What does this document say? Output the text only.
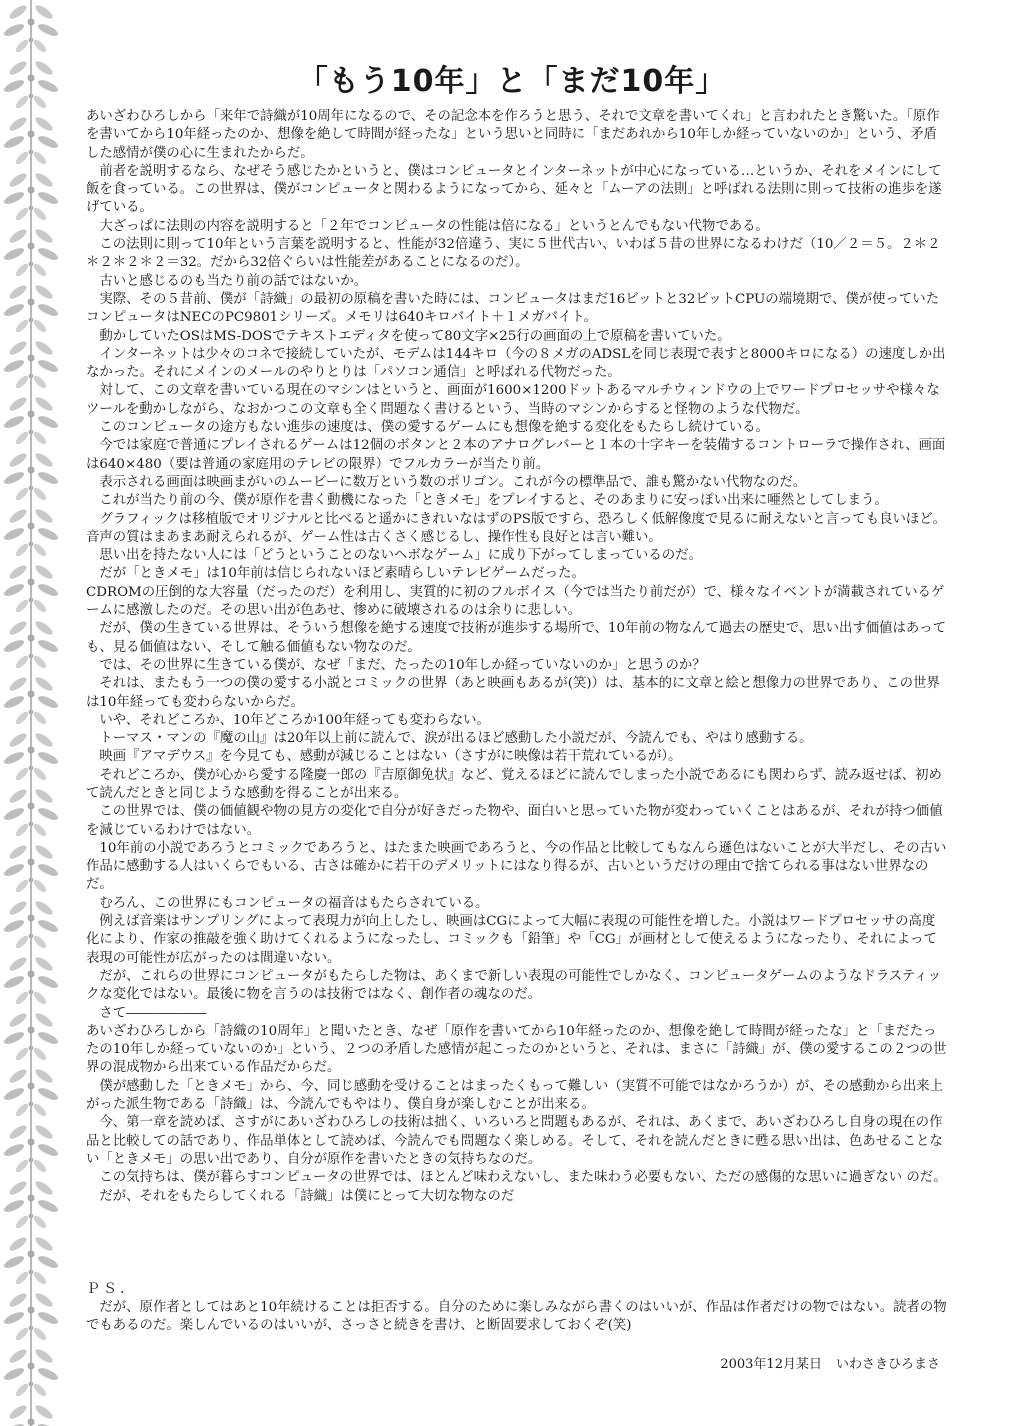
「もう10年」と「まだ10年」

あいざわひろしから「来年で詩織が10周年になるので、その記念本を作ろうと思う、それで文章を書いてくれ」と言われたとき驚いた。「原作を書いてから10年経ったのか、想像を絶して時間が経ったな」という思いと同時に「まだあれから10年しか経っていないのか」という、矛盾した感情が僕の心に生まれたからだ。

前者を説明するなら、なぜそう感じたかというと、僕はコンピュータとインターネットが中心になっている…というか、それをメインにして飯を食っている。この世界は、僕がコンピュータと関わるようになってから、延々と「ムーアの法則」と呼ばれる法則に則って技術の進歩を遂げている。

大ざっぱに法則の内容を説明すると「２年でコンピュータの性能は倍になる」というとんでもない代物である。

この法則に則って10年という言葉を説明すると、性能が32倍違う、実に５世代古い、いわば５昔の世界になるわけだ（10／２＝５。２＊２＊２＊２＊２＝32。だから32倍ぐらいは性能差があることになるのだ）。

古いと感じるのも当たり前の話ではないか。

実際、その５昔前、僕が「詩織」の最初の原稿を書いた時には、コンピュータはまだ16ビットと32ビットCPUの端境期で、僕が使っていたコンピュータはNECのPC9801シリーズ。メモリは640キロバイト＋１メガバイト。

動かしていたOSはMS-DOSでテキストエディタを使って80文字×25行の画面の上で原稿を書いていた。

インターネットは少々のコネで接続していたが、モデムは144キロ（今の８メガのADSLを同じ表現で表すと8000キロになる）の速度しか出なかった。それにメインのメールのやりとりは「パソコン通信」と呼ばれる代物だった。

対して、この文章を書いている現在のマシンはというと、画面が1600×1200ドットあるマルチウィンドウの上でワードプロセッサや様々なツールを動かしながら、なおかつこの文章も全く問題なく書けるという、当時のマシンからすると怪物のような代物だ。

このコンピュータの途方もない進歩の速度は、僕の愛するゲームにも想像を絶する変化をもたらし続けている。

今では家庭で普通にプレイされるゲームは12個のボタンと２本のアナログレバーと１本の十字キーを装備するコントローラで操作され、画面は640×480（要は普通の家庭用のテレビの限界）でフルカラーが当たり前。

表示される画面は映画まがいのムービーに数万という数のポリゴン。これが今の標準品で、誰も驚かない代物なのだ。

これが当たり前の今、僕が原作を書く動機になった「ときメモ」をプレイすると、そのあまりに安っぽい出来に唖然としてしまう。

グラフィックは移植版でオリジナルと比べると遥かにきれいなはずのPS版ですら、恐ろしく低解像度で見るに耐えないと言っても良いほど。音声の質はまあまあ耐えられるが、ゲーム性は古くさく感じるし、操作性も良好とは言い難い。

思い出を持たない人には「どうということのないヘボなゲーム」に成り下がってしまっているのだ。

だが「ときメモ」は10年前は信じられないほど素晴らしいテレビゲームだった。

CDROMの圧倒的な大容量（だったのだ）を利用し、実質的に初のフルボイス（今では当たり前だが）で、様々なイベントが満載されているゲームに感激したのだ。その思い出が色あせ、惨めに破壊されるのは余りに悲しい。

だが、僕の生きている世界は、そういう想像を絶する速度で技術が進歩する場所で、10年前の物なんて過去の歴史で、思い出す価値はあっても、見る価値はない、そして触る価値もない物なのだ。

では、その世界に生きている僕が、なぜ「まだ、たったの10年しか経っていないのか」と思うのか？

それは、またもう一つの僕の愛する小説とコミックの世界（あと映画もあるが(笑)）は、基本的に文章と絵と想像力の世界であり、この世界は10年経っても変わらないからだ。

いや、それどころか、10年どころか100年経っても変わらない。

トーマス・マンの『魔の山』は20年以上前に読んで、涙が出るほど感動した小説だが、今読んでも、やはり感動する。

映画『アマデウス』を今見ても、感動が減じることはない（さすがに映像は若干荒れているが）。

それどころか、僕が心から愛する隆慶一郎の『吉原御免状』など、覚えるほどに読んでしまった小説であるにも関わらず、読み返せば、初めて読んだときと同じような感動を得ることが出来る。

この世界では、僕の価値観や物の見方の変化で自分が好きだった物や、面白いと思っていた物が変わっていくことはあるが、それが持つ価値を減じているわけではない。

10年前の小説であろうとコミックであろうと、はたまた映画であろうと、今の作品と比較してもなんら遜色はないことが大半だし、その古い作品に感動する人はいくらでもいる、古さは確かに若干のデメリットにはなり得るが、古いというだけの理由で捨てられる事はない世界なのだ。

むろん、この世界にもコンピュータの福音はもたらされている。

例えば音楽はサンプリングによって表現力が向上したし、映画はCGによって大幅に表現の可能性を増した。小説はワードプロセッサの高度化により、作家の推敲を強く助けてくれるようになったし、コミックも「鉛筆」や「CG」が画材として使えるようになったり、それによって表現の可能性が広がったのは間違いない。

だが、これらの世界にコンピュータがもたらした物は、あくまで新しい表現の可能性でしかなく、コンピュータゲームのようなドラスティックな変化ではない。最後に物を言うのは技術ではなく、創作者の魂なのだ。

さて――――――

あいざわひろしから「詩織の10周年」と聞いたとき、なぜ「原作を書いてから10年経ったのか、想像を絶して時間が経ったな」と「まだたったの10年しか経っていないのか」という、２つの矛盾した感情が起こったのかというと、それは、まさに「詩織」が、僕の愛するこの２つの世界の混成物から出来ている作品だからだ。

僕が感動した「ときメモ」から、今、同じ感動を受けることはまったくもって難しい（実質不可能ではなかろうか）が、その感動から出来上がった派生物である「詩織」は、今読んでもやはり、僕自身が楽しむことが出来る。

今、第一章を読めば、さすがにあいざわひろしの技術は拙く、いろいろと問題もあるが、それは、あくまで、あいざわひろし自身の現在の作品と比較しての話であり、作品単体として読めば、今読んでも問題なく楽しめる。そして、それを読んだときに甦る思い出は、色あせることない「ときメモ」の思い出であり、自分が原作を書いたときの気持ちなのだ。

この気持ちは、僕が暮らすコンピュータの世界では、ほとんど味わえないし、また味わう必要もない、ただの感傷的な思いに過ぎない のだ。

だが、それをもたらしてくれる「詩織」は僕にとって大切な物なのだ

ＰＳ.

だが、原作者としてはあと10年続けることは拒否する。自分のために楽しみながら書くのはいいが、作品は作者だけの物ではない。読者の物でもあるのだ。楽しんでいるのはいいが、さっさと続きを書け、と断固要求しておくぞ(笑)

2003年12月某日 いわさきひろまさ
